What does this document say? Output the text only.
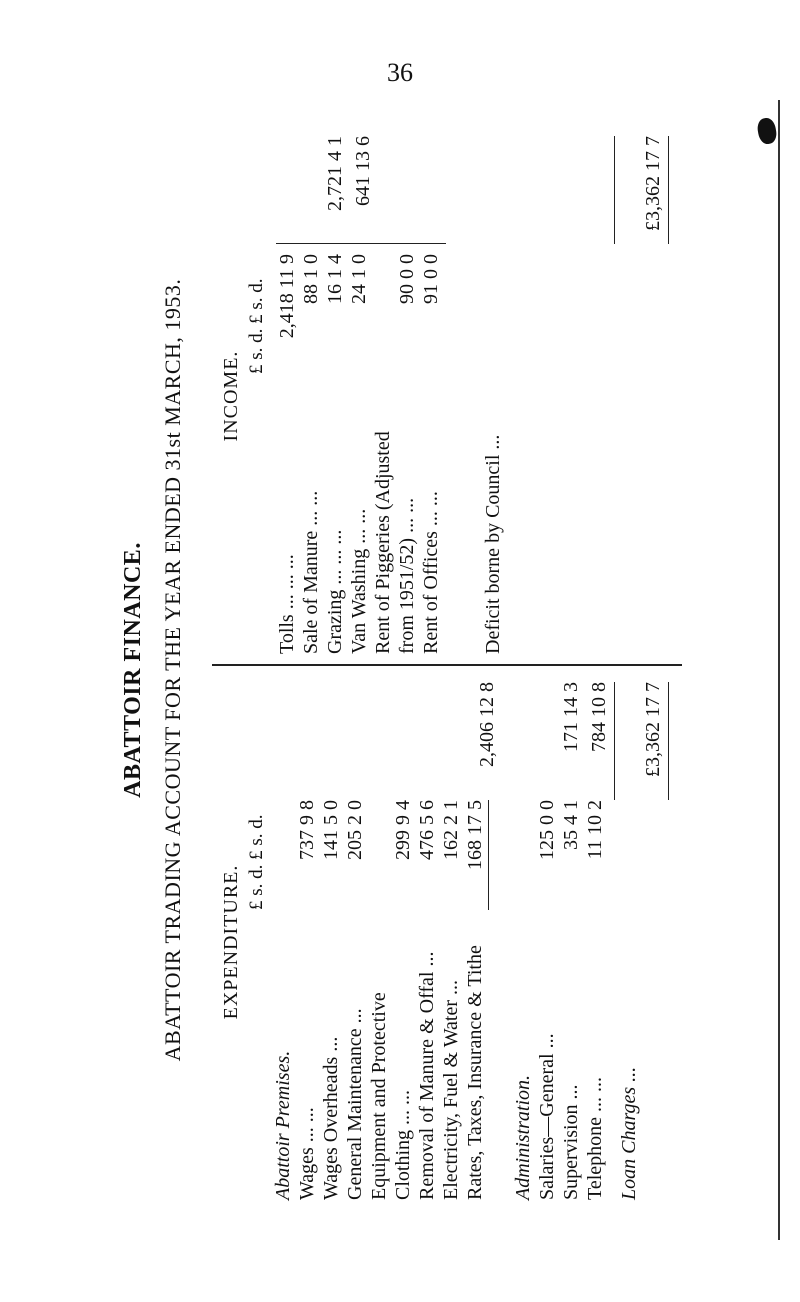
36
ABATTOIR FINANCE. ABATTOIR TRADING ACCOUNT FOR THE YEAR ENDED 31st MARCH, 1953. EXPENDITURE.
£ s. d. £ s. d.
Abattoir Premises. Wages ... ...
737 9 8
Wages Overheads ...
141 5 0
General Maintenance ...
205 2 0
Equipment and Protective Clothing ... ...
299 9 4
Removal of Manure & Offal ...
476 5 6
Electricity, Fuel & Water ...
162 2 1
Rates, Taxes, Insurance & Tithe
168 17 5
2,406 12 8
Administration. Salaries—General ...
125 0 0
Supervision ...
35 4 1
Telephone ... ...
11 10 2
171 14 3
Loan Charges ...
784 10 8 £3,362 17 7
INCOME.
£ s. d. £ s. d.
Tolls ... ... ...
2,418 11 9
Sale of Manure ... ...
88 1 0
Grazing ... ... ...
16 1 4
Van Washing ... ...
24 1 0
Rent of Piggeries (Adjusted from 1951/52) ... ...
90 0 0
Rent of Offices ... ...
91 0 0
2,721 4 1
Deficit borne by Council ...
641 13 6	£3,362 17 7
